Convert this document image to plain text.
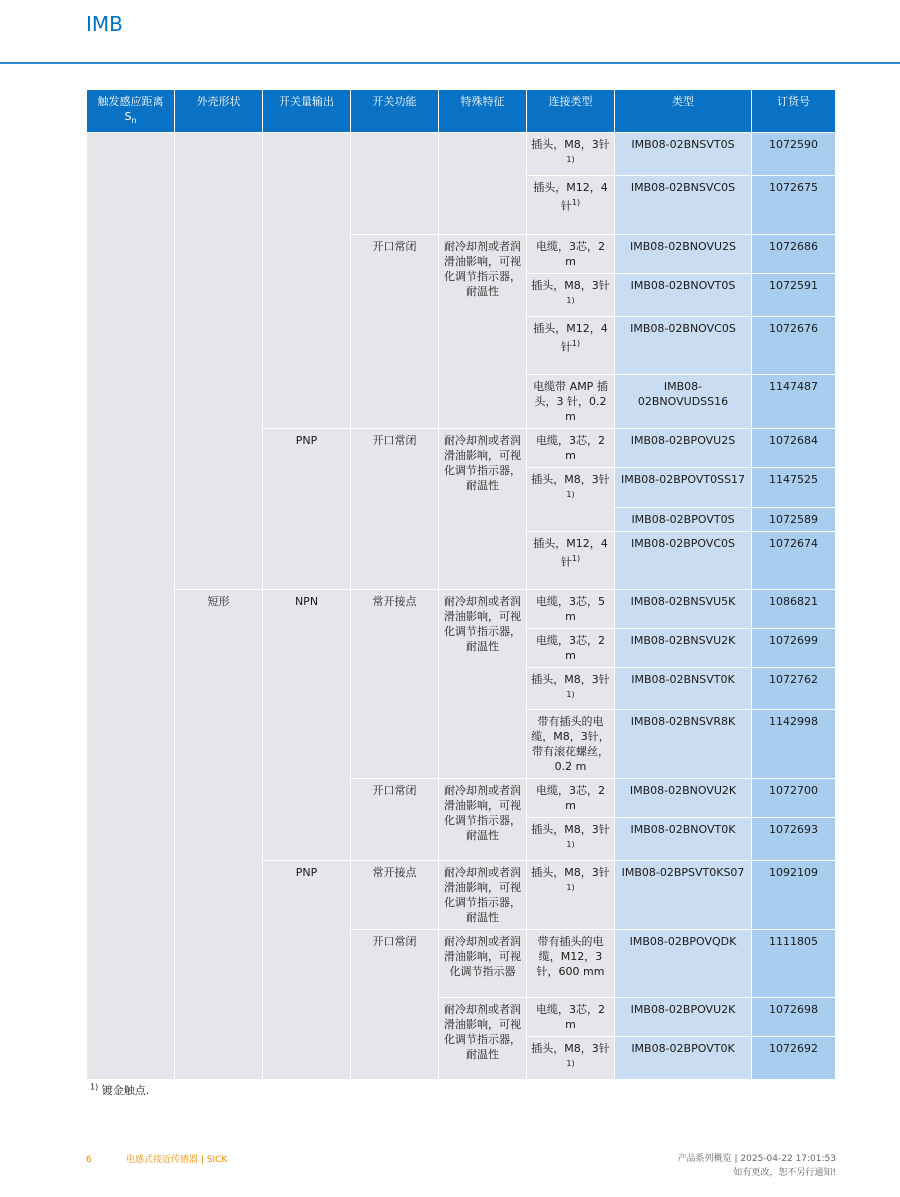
IMB
触发感应距离 $S_n$	外壳形状	开关量输出	开关功能	特殊特征	连接类型	类型	订货号
					插头，M8，3针$^{1)}$	IMB08-02BNSVT0S	1072590
					插头，M12，4针$^{1)}$	IMB08-02BNSVC0S	1072675
			开口常闭	耐冷却剂或者润滑油影响，可视化调节指示器，耐温性	电缆，3芯，2 m	IMB08-02BNOVU2S	1072686
					插头，M8，3针$^{1)}$	IMB08-02BNOVT0S	1072591
					插头，M12，4针$^{1)}$	IMB08-02BNOVC0S	1072676
					电缆带 AMP 插头，3 针，0.2 m	IMB08-02BNOVUDSS16	1147487
		PNP	开口常闭	耐冷却剂或者润滑油影响，可视化调节指示器，耐温性	电缆，3芯，2 m	IMB08-02BPOVU2S	1072684
					插头，M8，3针$^{1)}$	IMB08-02BPOVT0SS17	1147525
						IMB08-02BPOVT0S	1072589
					插头，M12，4针$^{1)}$	IMB08-02BPOVC0S	1072674
	短形	NPN	常开接点	耐冷却剂或者润滑油影响，可视化调节指示器，耐温性	电缆，3芯，5 m	IMB08-02BNSVU5K	1086821
					电缆，3芯，2 m	IMB08-02BNSVU2K	1072699
					插头，M8，3针$^{1)}$	IMB08-02BNSVT0K	1072762
					带有插头的电缆，M8，3针，带有滚花螺丝，0.2 m	IMB08-02BNSVR8K	1142998
			开口常闭	耐冷却剂或者润滑油影响，可视化调节指示器，耐温性	电缆，3芯，2 m	IMB08-02BNOVU2K	1072700
					插头，M8，3针$^{1)}$	IMB08-02BNOVT0K	1072693
		PNP	常开接点	耐冷却剂或者润滑油影响，可视化调节指示器，耐温性	插头，M8，3针$^{1)}$	IMB08-02BPSVT0KS07	1092109
			开口常闭	耐冷却剂或者润滑油影响，可视化调节指示器	带有插头的电缆，M12，3针，600 mm	IMB08-02BPOVQDK	1111805
				耐冷却剂或者润滑油影响，可视化调节指示器，耐温性	电缆，3芯，2 m	IMB08-02BPOVU2K	1072698
					插头，M8，3针$^{1)}$	IMB08-02BPOVT0K	1072692
$^{1)}$ 镀金触点.
6	电感式接近传感器 | SICK	产品系列概览 | 2025-04-22 17:01:53
如有更改，恕不另行通知!
